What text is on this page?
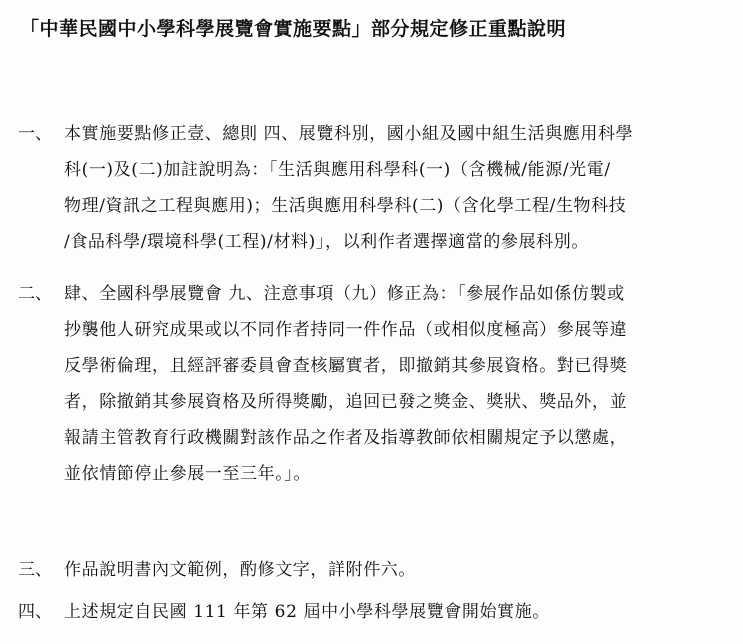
「中華民國中小學科學展覽會實施要點」部分規定修正重點說明
一、 本實施要點修正壹、總則 四、展覽科別，國小組及國中組生活與應用科學
科(一)及(二)加註說明為：「生活與應用科學科(一)（含機械/能源/光電/
物理/資訊之工程與應用)；生活與應用科學科(二)（含化學工程/生物科技
/食品科學/環境科學(工程)/材料)」，以利作者選擇適當的參展科別。
二、 肆、全國科學展覽會 九、注意事項（九）修正為：「參展作品如係仿製或
抄襲他人研究成果或以不同作者持同一件作品（或相似度極高）參展等違
反學術倫理，且經評審委員會查核屬實者，即撤銷其參展資格。對已得獎
者，除撤銷其參展資格及所得獎勵，追回已發之獎金、獎狀、獎品外，並
報請主管教育行政機關對該作品之作者及指導教師依相關規定予以懲處，
並依情節停止參展一至三年。」。
三、 作品說明書內文範例，酌修文字，詳附件六。
四、 上述規定自民國 111 年第 62 屆中小學科學展覽會開始實施。
